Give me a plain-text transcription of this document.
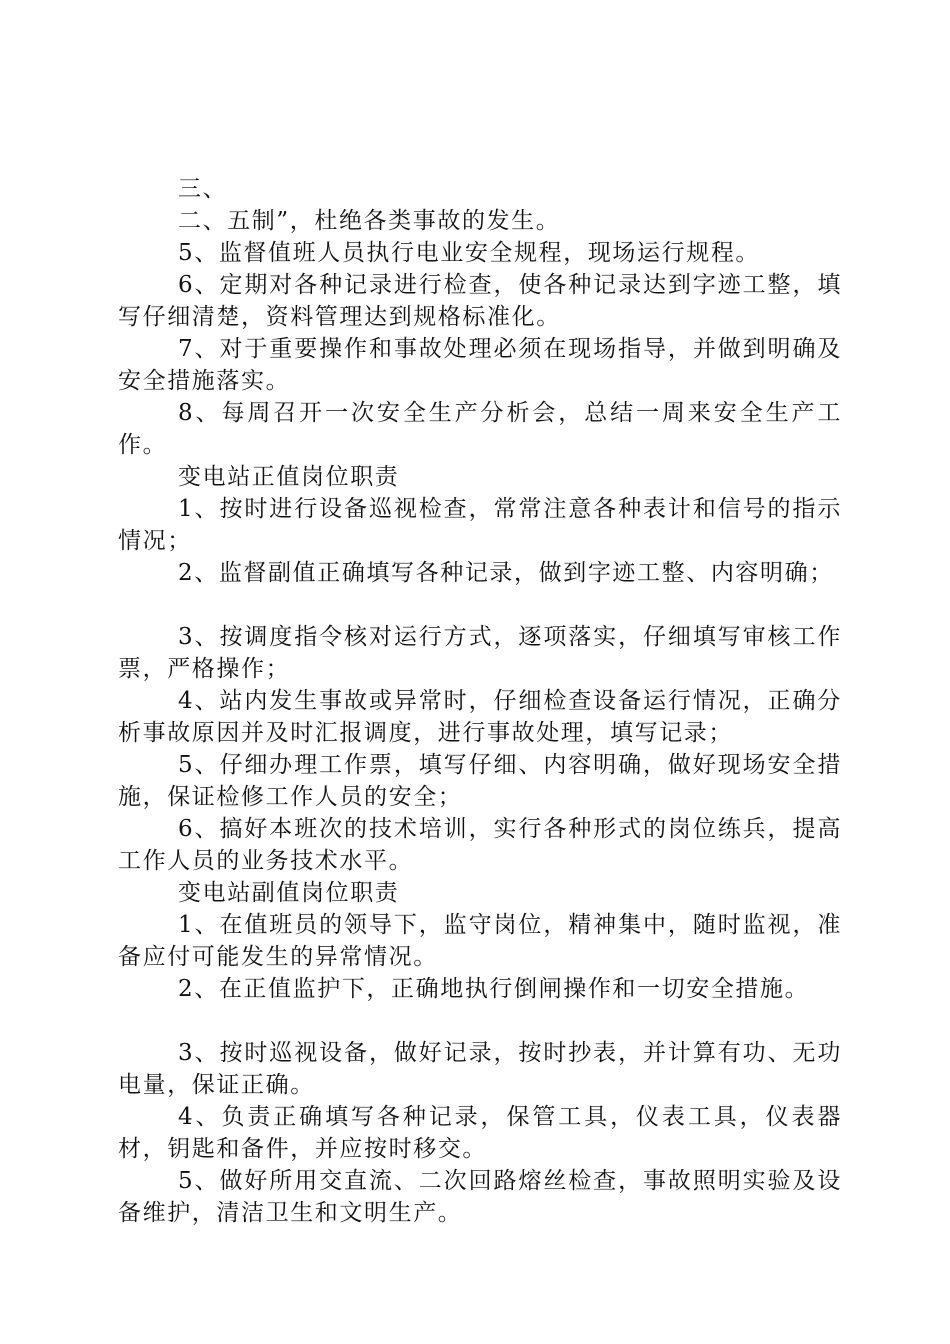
三、

二、五制”，杜绝各类事故的发生。

5、监督值班人员执行电业安全规程，现场运行规程。

6、定期对各种记录进行检查，使各种记录达到字迹工整，填写仔细清楚，资料管理达到规格标准化。

7、对于重要操作和事故处理必须在现场指导，并做到明确及安全措施落实。

8、每周召开一次安全生产分析会，总结一周来安全生产工作。

变电站正值岗位职责

1、按时进行设备巡视检查，常常注意各种表计和信号的指示情况；

2、监督副值正确填写各种记录，做到字迹工整、内容明确；

3、按调度指令核对运行方式，逐项落实，仔细填写审核工作票，严格操作；

4、站内发生事故或异常时，仔细检查设备运行情况，正确分析事故原因并及时汇报调度，进行事故处理，填写记录；

5、仔细办理工作票，填写仔细、内容明确，做好现场安全措施，保证检修工作人员的安全；

6、搞好本班次的技术培训，实行各种形式的岗位练兵，提高工作人员的业务技术水平。

变电站副值岗位职责

1、在值班员的领导下，监守岗位，精神集中，随时监视，准备应付可能发生的异常情况。

2、在正值监护下，正确地执行倒闸操作和一切安全措施。

3、按时巡视设备，做好记录，按时抄表，并计算有功、无功电量，保证正确。

4、负责正确填写各种记录，保管工具，仪表工具，仪表器材，钥匙和备件，并应按时移交。

5、做好所用交直流、二次回路熔丝检查，事故照明实验及设备维护，清洁卫生和文明生产。
